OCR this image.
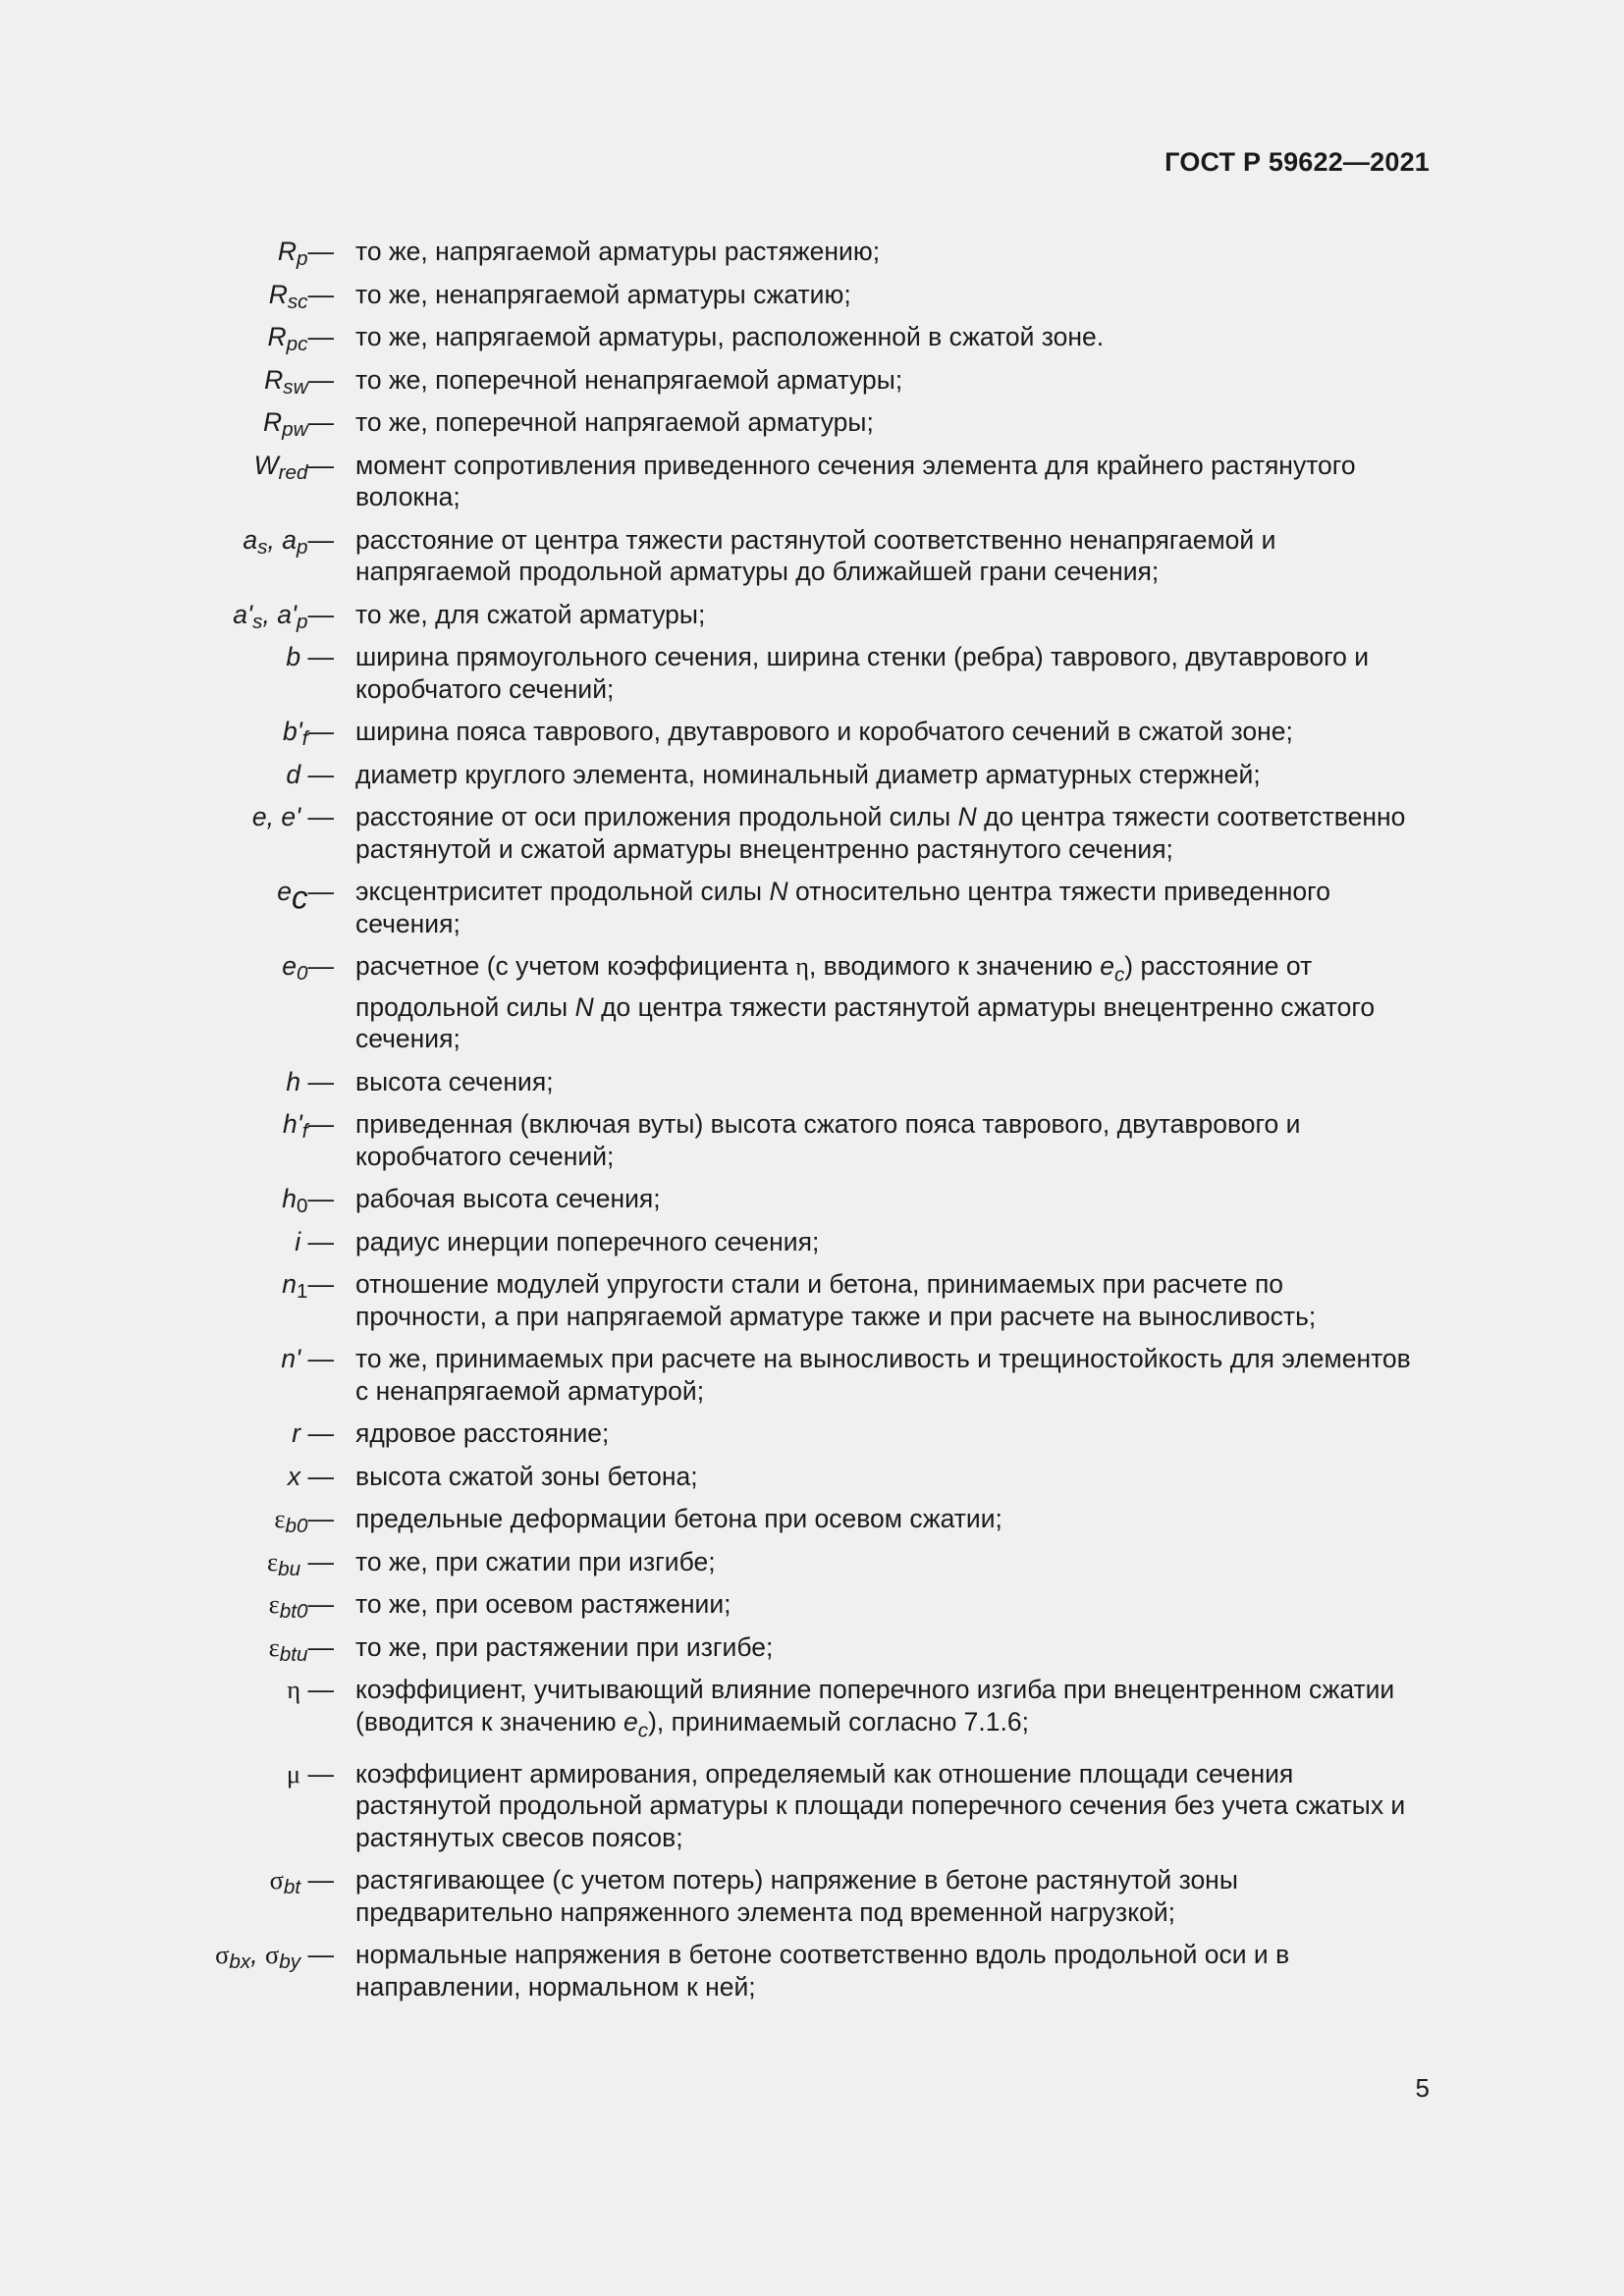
ГОСТ Р 59622—2021
$R_p—$ то же, напрягаемой арматуры растяжению;
$R_{sc}—$ то же, ненапрягаемой арматуры сжатию;
$R_{pc}—$ то же, напрягаемой арматуры, расположенной в сжатой зоне.
$R_{sw}—$ то же, поперечной ненапрягаемой арматуры;
$R_{pw}—$ то же, поперечной напрягаемой арматуры;
$W_{red}—$ момент сопротивления приведенного сечения элемента для крайнего растянутого волокна;
$a_s$, $a_p—$ расстояние от центра тяжести растянутой соответственно ненапрягаемой и напрягаемой продольной арматуры до ближайшей грани сечения;
$a'_s$, $a'_p—$ то же, для сжатой арматуры;
b — ширина прямоугольного сечения, ширина стенки (ребра) таврового, двутаврового и коробчатого сечений;
$b'_f—$ ширина пояса таврового, двутаврового и коробчатого сечений в сжатой зоне;
d — диаметр круглого элемента, номинальный диаметр арматурных стержней;
e, e' — расстояние от оси приложения продольной силы N до центра тяжести соответственно растянутой и сжатой арматуры внецентренно растянутого сечения;
$e_c—$ эксцентриситет продольной силы N относительно центра тяжести приведенного сечения;
$e_0—$ расчетное (с учетом коэффициента η, вводимого к значению $e_c$) расстояние от продольной силы N до центра тяжести растянутой арматуры внецентренно сжатого сечения;
h — высота сечения;
$h'_f—$ приведенная (включая вуты) высота сжатого пояса таврового, двутаврового и коробчатого сечений;
$h_0—$ рабочая высота сечения;
i — радиус инерции поперечного сечения;
$n_1—$ отношение модулей упругости стали и бетона, принимаемых при расчете по прочности, а при напрягаемой арматуре также и при расчете на выносливость;
n' — то же, принимаемых при расчете на выносливость и трещиностойкость для элементов с ненапрягаемой арматурой;
r — ядровое расстояние;
x — высота сжатой зоны бетона;
$\varepsilon_{b0}—$ предельные деформации бетона при осевом сжатии;
$\varepsilon_{bu}$ — то же, при сжатии при изгибе;
$\varepsilon_{bt0}—$ то же, при осевом растяжении;
$\varepsilon_{btu}—$ то же, при растяжении при изгибе;
η — коэффициент, учитывающий влияние поперечного изгиба при внецентренном сжатии (вводится к значению $e_c$), принимаемый согласно 7.1.6;
μ — коэффициент армирования, определяемый как отношение площади сечения растянутой продольной арматуры к площади поперечного сечения без учета сжатых и растянутых свесов поясов;
$\sigma_{bt}$ — растягивающее (с учетом потерь) напряжение в бетоне растянутой зоны предварительно напряженного элемента под временной нагрузкой;
$\sigma_{bx}$, $\sigma_{by}$ — нормальные напряжения в бетоне соответственно вдоль продольной оси и в направлении, нормальном к ней;
5
